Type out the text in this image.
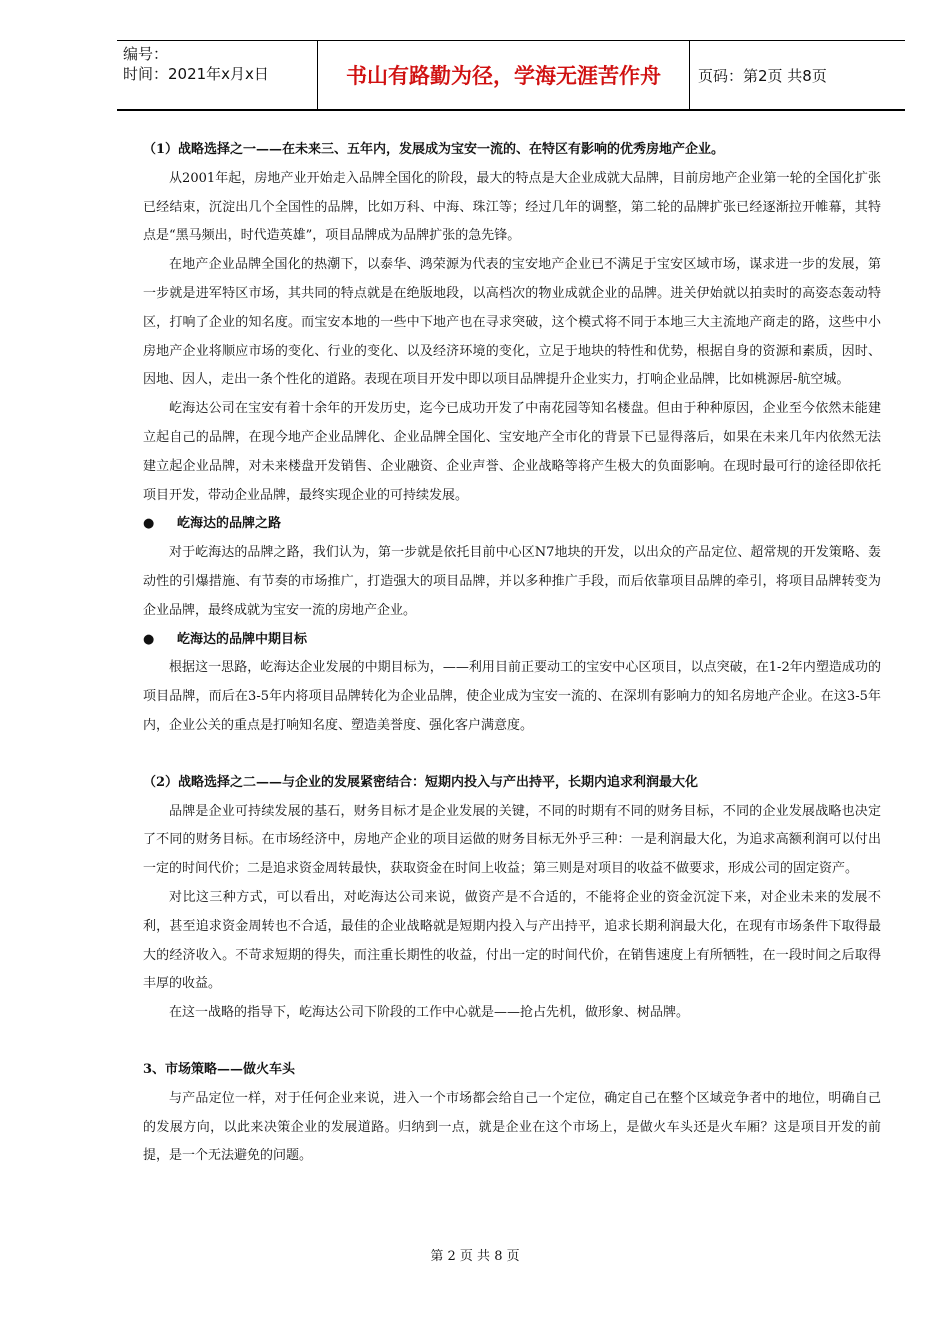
编号：
时间：2021年x月x日	书山有路勤为径，学海无涯苦作舟	页码：第2页 共8页

（1）战略选择之一——在未来三、五年内，发展成为宝安一流的、在特区有影响的优秀房地产企业。

从2001年起，房地产业开始走入品牌全国化的阶段，最大的特点是大企业成就大品牌，目前房地产企业第一轮的全国化扩张已经结束，沉淀出几个全国性的品牌，比如万科、中海、珠江等；经过几年的调整，第二轮的品牌扩张已经逐渐拉开帷幕，其特点是“黑马频出，时代造英雄”，项目品牌成为品牌扩张的急先锋。

在地产企业品牌全国化的热潮下，以泰华、鸿荣源为代表的宝安地产企业已不满足于宝安区域市场，谋求进一步的发展，第一步就是进军特区市场，其共同的特点就是在绝版地段，以高档次的物业成就企业的品牌。进关伊始就以拍卖时的高姿态轰动特区，打响了企业的知名度。而宝安本地的一些中下地产也在寻求突破，这个模式将不同于本地三大主流地产商走的路，这些中小房地产企业将顺应市场的变化、行业的变化、以及经济环境的变化，立足于地块的特性和优势，根据自身的资源和素质，因时、因地、因人，走出一条个性化的道路。表现在项目开发中即以项目品牌提升企业实力，打响企业品牌，比如桃源居-航空城。

屹海达公司在宝安有着十余年的开发历史，迄今已成功开发了中南花园等知名楼盘。但由于种种原因，企业至今依然未能建立起自己的品牌，在现今地产企业品牌化、企业品牌全国化、宝安地产全市化的背景下已显得落后，如果在未来几年内依然无法建立起企业品牌，对未来楼盘开发销售、企业融资、企业声誉、企业战略等将产生极大的负面影响。在现时最可行的途径即依托项目开发，带动企业品牌，最终实现企业的可持续发展。

●	屹海达的品牌之路

对于屹海达的品牌之路，我们认为，第一步就是依托目前中心区N7地块的开发，以出众的产品定位、超常规的开发策略、轰动性的引爆措施、有节奏的市场推广，打造强大的项目品牌，并以多种推广手段，而后依靠项目品牌的牵引，将项目品牌转变为企业品牌，最终成就为宝安一流的房地产企业。

●	屹海达的品牌中期目标

根据这一思路，屹海达企业发展的中期目标为，——利用目前正要动工的宝安中心区项目，以点突破，在1-2年内塑造成功的项目品牌，而后在3-5年内将项目品牌转化为企业品牌，使企业成为宝安一流的、在深圳有影响力的知名房地产企业。在这3-5年内，企业公关的重点是打响知名度、塑造美誉度、强化客户满意度。

（2）战略选择之二——与企业的发展紧密结合：短期内投入与产出持平，长期内追求利润最大化

品牌是企业可持续发展的基石，财务目标才是企业发展的关键，不同的时期有不同的财务目标，不同的企业发展战略也决定了不同的财务目标。在市场经济中，房地产企业的项目运做的财务目标无外乎三种：一是利润最大化，为追求高额利润可以付出一定的时间代价；二是追求资金周转最快，获取资金在时间上收益；第三则是对项目的收益不做要求，形成公司的固定资产。

对比这三种方式，可以看出，对屹海达公司来说，做资产是不合适的，不能将企业的资金沉淀下来，对企业未来的发展不利，甚至追求资金周转也不合适，最佳的企业战略就是短期内投入与产出持平，追求长期利润最大化，在现有市场条件下取得最大的经济收入。不苛求短期的得失，而注重长期性的收益，付出一定的时间代价，在销售速度上有所牺牲，在一段时间之后取得丰厚的收益。

在这一战略的指导下，屹海达公司下阶段的工作中心就是——抢占先机，做形象、树品牌。

3、市场策略——做火车头

与产品定位一样，对于任何企业来说，进入一个市场都会给自己一个定位，确定自己在整个区域竞争者中的地位，明确自己的发展方向，以此来决策企业的发展道路。归纳到一点，就是企业在这个市场上，是做火车头还是火车厢？这是项目开发的前提，是一个无法避免的问题。

第 2 页 共 8 页
